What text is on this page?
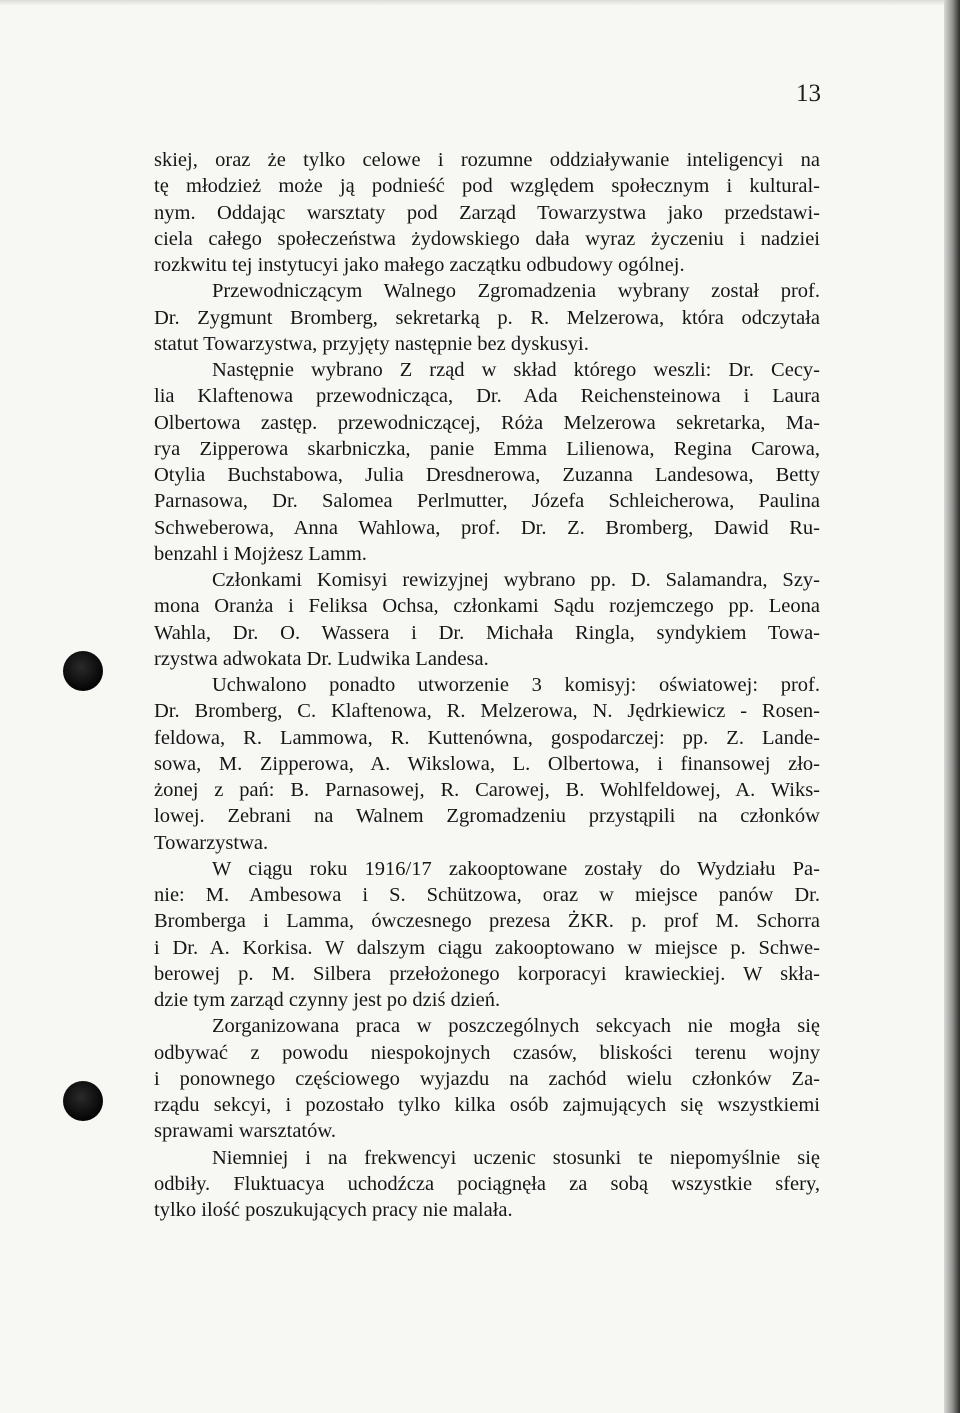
13
skiej, oraz że tylko celowe i rozumne oddziaływanie inteligencyi na
tę młodzież może ją podnieść pod względem społecznym i kultural-
nym. Oddając warsztaty pod Zarząd Towarzystwa jako przedstawi-
ciela całego społeczeństwa żydowskiego dała wyraz życzeniu i nadziei
rozkwitu tej instytucyi jako małego zaczątku odbudowy ogólnej.
Przewodniczącym Walnego Zgromadzenia wybrany został prof.
Dr. Zygmunt Bromberg, sekretarką p. R. Melzerowa, która odczytała
statut Towarzystwa, przyjęty następnie bez dyskusyi.
Następnie wybrano Z rząd w skład którego weszli: Dr. Cecy-
lia Klaftenowa przewodnicząca, Dr. Ada Reichensteinowa i Laura
Olbertowa zastęp. przewodniczącej, Róża Melzerowa sekretarka, Ma-
rya Zipperowa skarbniczka, panie Emma Lilienowa, Regina Carowa,
Otylia Buchstabowa, Julia Dresdnerowa, Zuzanna Landesowa, Betty
Parnasowa, Dr. Salomea Perlmutter, Józefa Schleicherowa, Paulina
Schweberowa, Anna Wahlowa, prof. Dr. Z. Bromberg, Dawid Ru-
benzahl i Mojżesz Lamm.
Członkami Komisyi rewizyjnej wybrano pp. D. Salamandra, Szy-
mona Oranża i Feliksa Ochsa, członkami Sądu rozjemczego pp. Leona
Wahla, Dr. O. Wassera i Dr. Michała Ringla, syndykiem Towa-
rzystwa adwokata Dr. Ludwika Landesa.
Uchwalono ponadto utworzenie 3 komisyj: oświatowej: prof.
Dr. Bromberg, C. Klaftenowa, R. Melzerowa, N. Jędrkiewicz - Rosen-
feldowa, R. Lammowa, R. Kuttenówna, gospodarczej: pp. Z. Lande-
sowa, M. Zipperowa, A. Wikslowa, L. Olbertowa, i finansowej zło-
żonej z pań: B. Parnasowej, R. Carowej, B. Wohlfeldowej, A. Wiks-
lowej. Zebrani na Walnem Zgromadzeniu przystąpili na członków
Towarzystwa.
W ciągu roku 1916/17 zakooptowane zostały do Wydziału Pa-
nie: M. Ambesowa i S. Schützowa, oraz w miejsce panów Dr.
Bromberga i Lamma, ówczesnego prezesa ŻKR. p. prof M. Schorra
i Dr. A. Korkisa. W dalszym ciągu zakooptowano w miejsce p. Schwe-
berowej p. M. Silbera przełożonego korporacyi krawieckiej. W skła-
dzie tym zarząd czynny jest po dziś dzień.
Zorganizowana praca w poszczególnych sekcyach nie mogła się
odbywać z powodu niespokojnych czasów, bliskości terenu wojny
i ponownego częściowego wyjazdu na zachód wielu członków Za-
rządu sekcyi, i pozostało tylko kilka osób zajmujących się wszystkiemi
sprawami warsztatów.
Niemniej i na frekwencyi uczenic stosunki te niepomyślnie się
odbiły. Fluktuacya uchodźcza pociągnęła za sobą wszystkie sfery,
tylko ilość poszukujących pracy nie malała.
